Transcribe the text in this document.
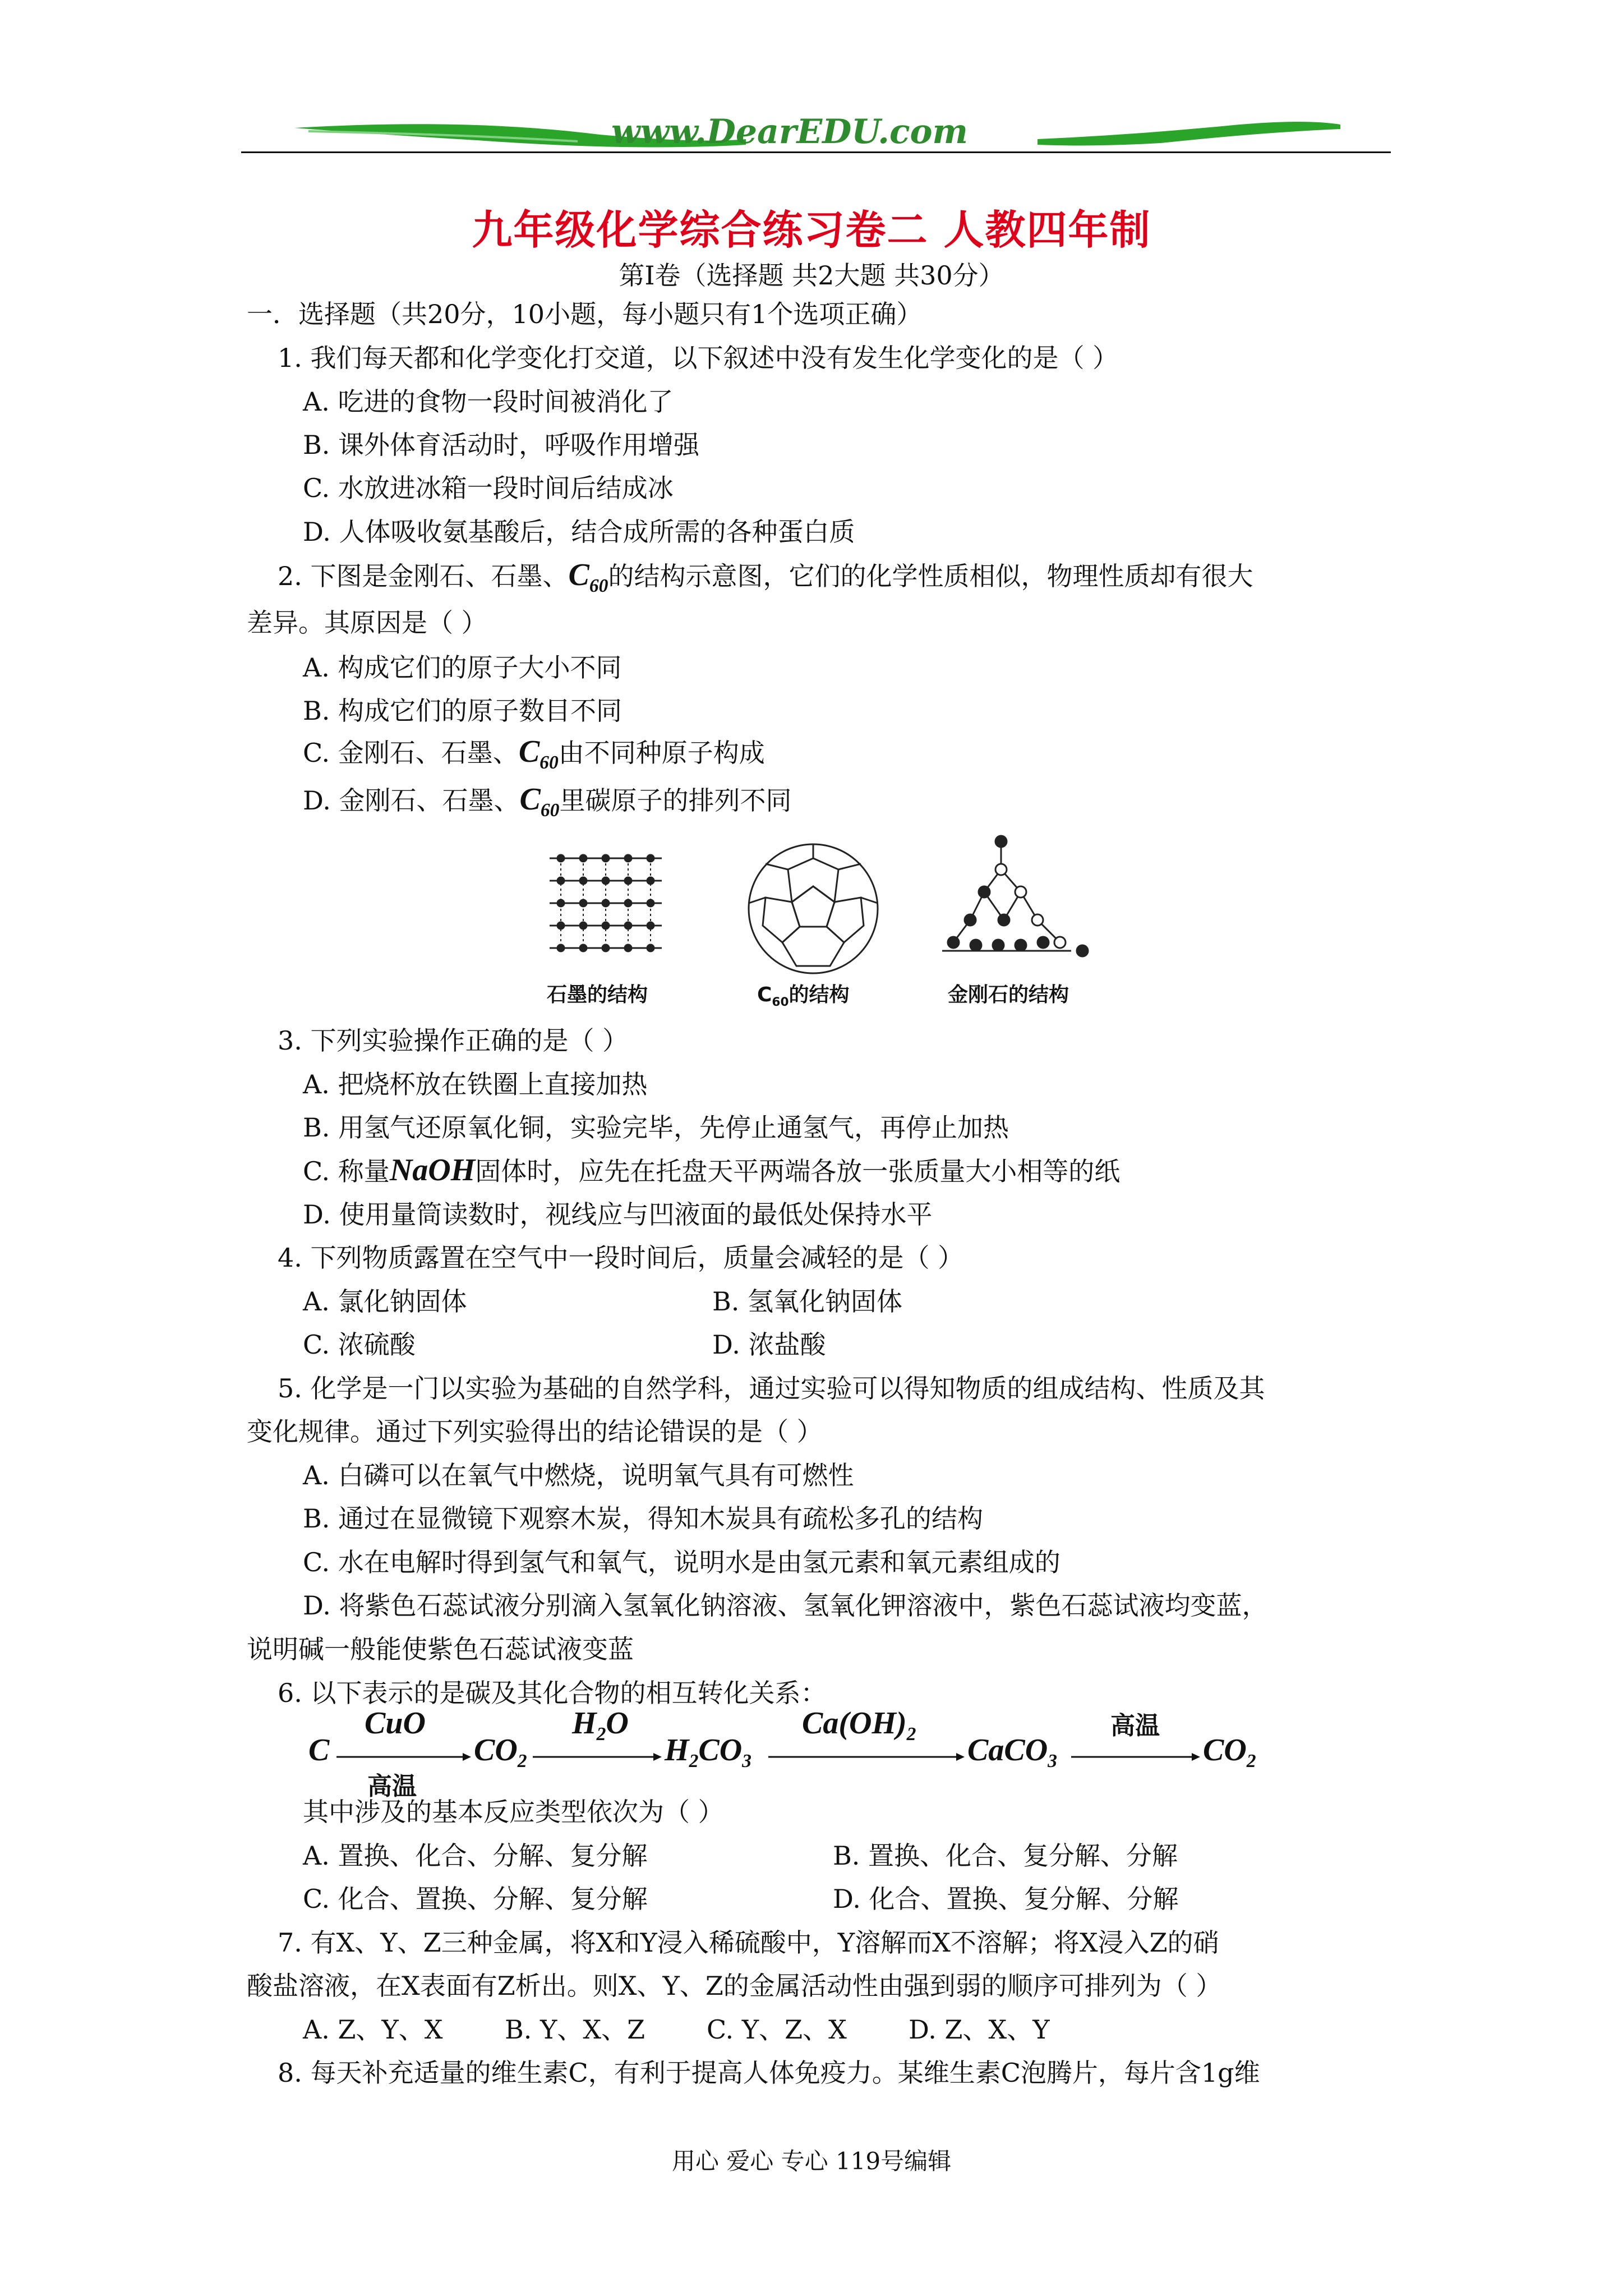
www.DearEDU.com
九年级化学综合练习卷二 人教四年制
第Ⅰ卷（选择题 共2大题 共30分）
一．选择题（共20分，10小题，每小题只有1个选项正确）
1. 我们每天都和化学变化打交道，以下叙述中没有发生化学变化的是（ ）
A. 吃进的食物一段时间被消化了
B. 课外体育活动时，呼吸作用增强
C. 水放进冰箱一段时间后结成冰
D. 人体吸收氨基酸后，结合成所需的各种蛋白质
2. 下图是金刚石、石墨、$C_{60}$的结构示意图，它们的化学性质相似，物理性质却有很大
差异。其原因是（ ）
A. 构成它们的原子大小不同
B. 构成它们的原子数目不同
C. 金刚石、石墨、$C_{60}$由不同种原子构成
D. 金刚石、石墨、$C_{60}$里碳原子的排列不同
石墨的结构	$C_{60}$的结构	金刚石的结构
3. 下列实验操作正确的是（ ）
A. 把烧杯放在铁圈上直接加热
B. 用氢气还原氧化铜，实验完毕，先停止通氢气，再停止加热
C. 称量NaOH固体时，应先在托盘天平两端各放一张质量大小相等的纸
D. 使用量筒读数时，视线应与凹液面的最低处保持水平
4. 下列物质露置在空气中一段时间后，质量会减轻的是（ ）
A. 氯化钠固体	B. 氢氧化钠固体
C. 浓硫酸	D. 浓盐酸
5. 化学是一门以实验为基础的自然学科，通过实验可以得知物质的组成结构、性质及其
变化规律。通过下列实验得出的结论错误的是（ ）
A. 白磷可以在氧气中燃烧，说明氧气具有可燃性
B. 通过在显微镜下观察木炭，得知木炭具有疏松多孔的结构
C. 水在电解时得到氢气和氧气，说明水是由氢元素和氧元素组成的
D. 将紫色石蕊试液分别滴入氢氧化钠溶液、氢氧化钾溶液中，紫色石蕊试液均变蓝，
说明碱一般能使紫色石蕊试液变蓝
6. 以下表示的是碳及其化合物的相互转化关系：
C
CuO
高温
$CO_2$
$H_2O$
$H_2CO_3$
$Ca(OH)_2$ CaCO$_3$
高温
$CO_2$
其中涉及的基本反应类型依次为（ ）
A. 置换、化合、分解、复分解	B. 置换、化合、复分解、分解
C. 化合、置换、分解、复分解	D. 化合、置换、复分解、分解
7. 有X、Y、Z三种金属，将X和Y浸入稀硫酸中，Y溶解而X不溶解；将X浸入Z的硝
酸盐溶液，在X表面有Z析出。则X、Y、Z的金属活动性由强到弱的顺序可排列为（ ）
A. Z、Y、X B. Y、X、Z C. Y、Z、X D. Z、X、Y
8. 每天补充适量的维生素C，有利于提高人体免疫力。某维生素C泡腾片，每片含1g维
用心 爱心 专心 119号编辑
